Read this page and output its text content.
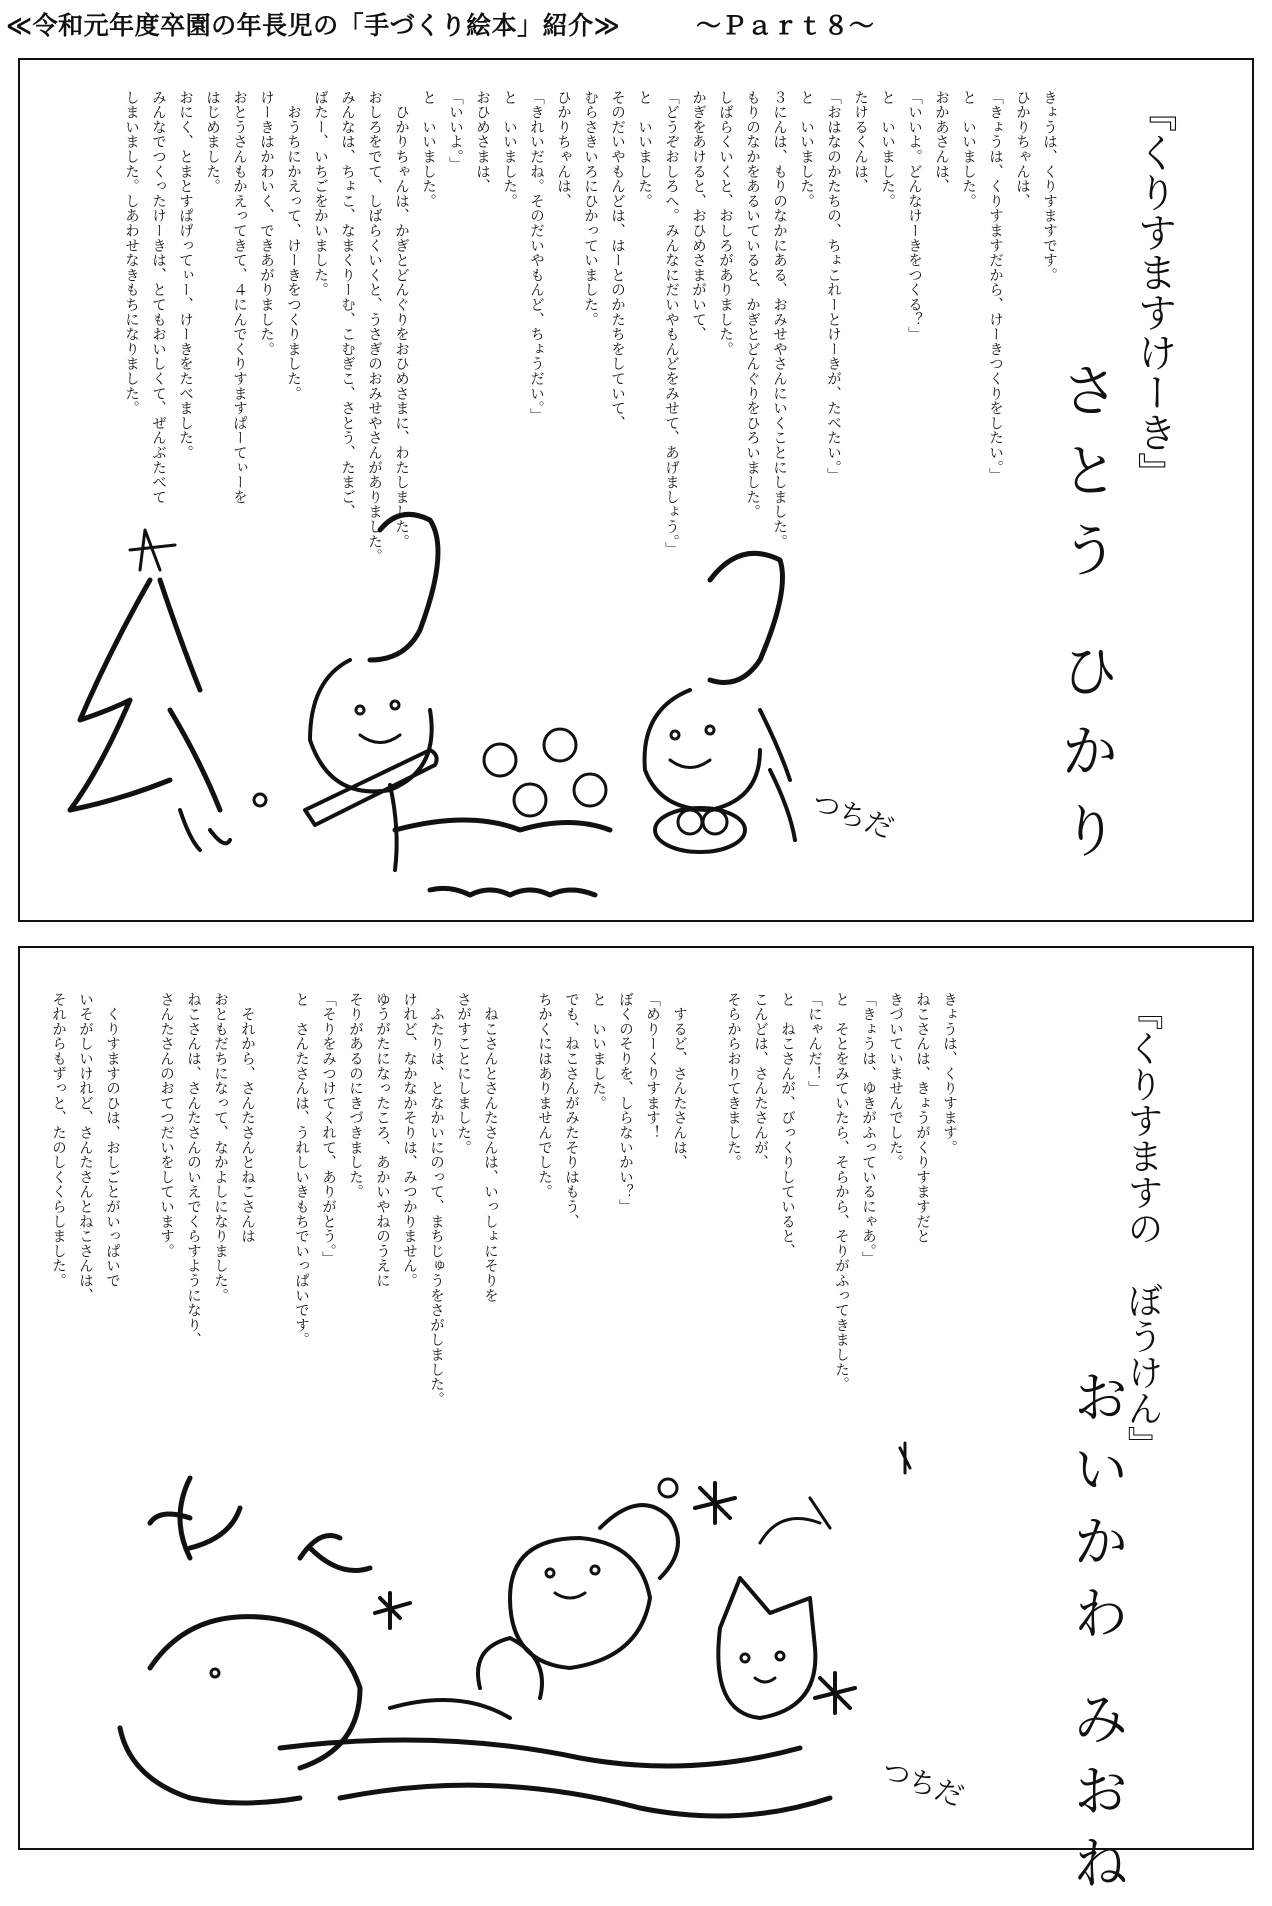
≪令和元年度卒園の年長児の「手づくり絵本」紹介≫	～Ｐａｒｔ８～
『くりすますけーき』
さとう ひかり
きょうは、くりすますです。
ひかりちゃんは、
「きょうは、くりすますだから、けーきつくりをしたい。」
と　いいました。
おかあさんは、
「いいよ。どんなけーきをつくる？」
と　いいました。
たけるくんは、
「おはなのかたちの、ちょこれーとけーきが、たべたい。」
と　いいました。
３にんは、もりのなかにある、おみせやさんにいくことにしました。
もりのなかをあるいていると、かぎとどんぐりをひろいました。
しばらくいくと、おしろがありました。
かぎをあけると、おひめさまがいて、
「どうぞおしろへ。みんなにだいやもんどをみせて、あげましょう。」
と　いいました。
そのだいやもんどは、はーとのかたちをしていて、
むらさきいろにひかっていました。
ひかりちゃんは、
「きれいだね。そのだいやもんど、ちょうだい。」
と　いいました。
おひめさまは、
「いいよ。」
と　いいました。
　ひかりちゃんは、かぎとどんぐりをおひめさまに、わたしました。
おしろをでて、しばらくいくと、うさぎのおみせやさんがありました。
みんなは、ちょこ、なまくりーむ、こむぎこ、さとう、たまご、
ばたー、いちごをかいました。
　おうちにかえって、けーきをつくりました。
けーきはかわいく、できあがりました。
おとうさんもかえってきて、４にんでくりすますぱーてぃーを
はじめました。
おにく、とまとすぱげってぃー、けーきをたべました。
みんなでつくったけーきは、とてもおいしくて、ぜんぶたべて
しまいました。しあわせなきもちになりました。
つちだ
『くりすますの　ぼうけん』
おいかわ みおね
きょうは、くりすます。
ねこさんは、きょうがくりすますだと
きづいていませんでした。
「きょうは、ゆきがふっているにゃあ。」
と　そとをみていたら、そらから、そりがふってきました。
「にゃんだ！」
と　ねこさんが、びっくりしていると、
こんどは、さんたさんが、
そらからおりてきました。

　するど、さんたさんは、
「めりーくりすます！
ぼくのそりを、しらないかい？」
と　いいました。
でも、ねこさんがみたそりはもう、
ちかくにはありませんでした。

　ねこさんとさんたさんは、いっしょにそりを
さがすことにしました。
　ふたりは、となかいにのって、まちじゅうをさがしました。
けれど、なかなかそりは、みつかりません。
ゆうがたになったころ、あかいやねのうえに
そりがあるのにきづきました。
「そりをみつけてくれて、ありがとう。」
と　さんたさんは、うれしいきもちでいっぱいです。

　それから、さんたさんとねこさんは
おともだちになって、なかよしになりました。
ねこさんは、さんたさんのいえでくらすようになり、
さんたさんのおてつだいをしています。

　くりすますのひは、おしごとがいっぱいで
いそがしいけれど、さんたさんとねこさんは、
それからもずっと、たのしくくらしました。
つちだ
